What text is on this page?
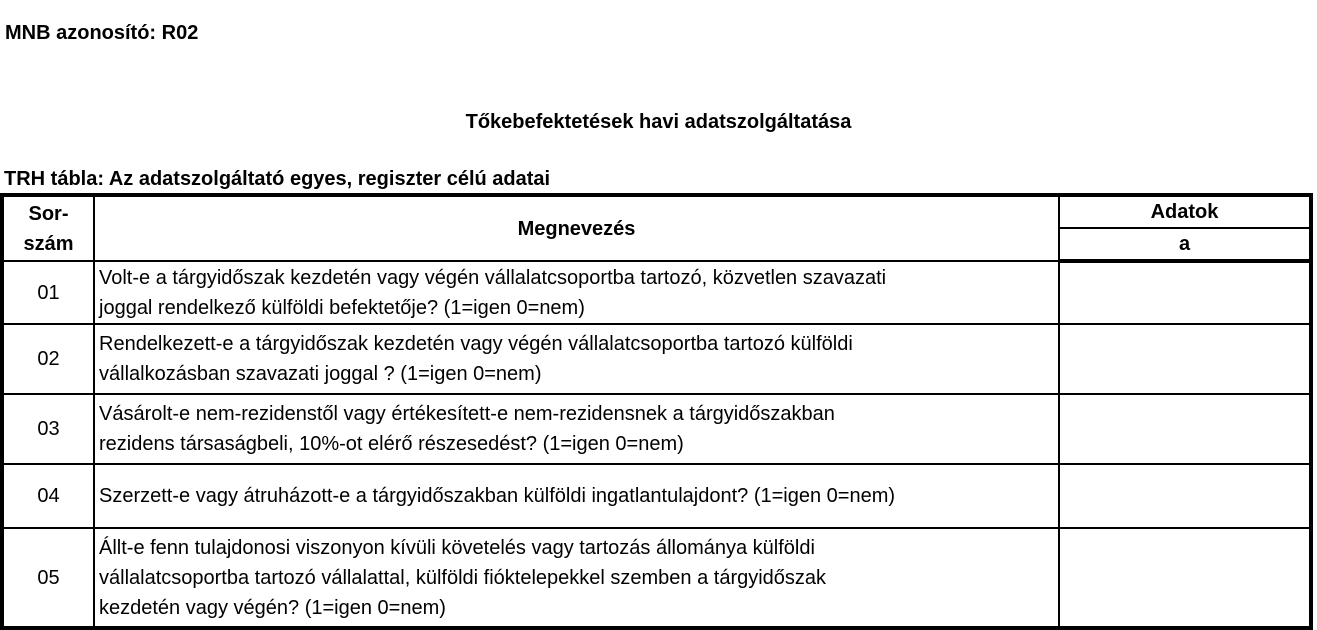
MNB azonosító: R02
Tőkebefektetések havi adatszolgáltatása
TRH tábla: Az adatszolgáltató egyes, regiszter célú adatai
Sor-
szám	Megnevezés	Adatok
		a
01	Volt-e a tárgyidőszak kezdetén vagy végén vállalatcsoportba tartozó, közvetlen szavazati
joggal rendelkező külföldi befektetője? (1=igen 0=nem)	

02	Rendelkezett-e a tárgyidőszak kezdetén vagy végén vállalatcsoportba tartozó külföldi
vállalkozásban szavazati joggal ? (1=igen 0=nem)	

03	Vásárolt-e nem-rezidenstől vagy értékesített-e nem-rezidensnek a tárgyidőszakban
rezidens társaságbeli, 10%-ot elérő részesedést? (1=igen 0=nem)	

04	Szerzett-e vagy átruházott-e a tárgyidőszakban külföldi ingatlantulajdont? (1=igen 0=nem)	

05	Állt-e fenn tulajdonosi viszonyon kívüli követelés vagy tartozás állománya külföldi
vállalatcsoportba tartozó vállalattal, külföldi fióktelepekkel szemben a tárgyidőszak
kezdetén vagy végén? (1=igen 0=nem)	
